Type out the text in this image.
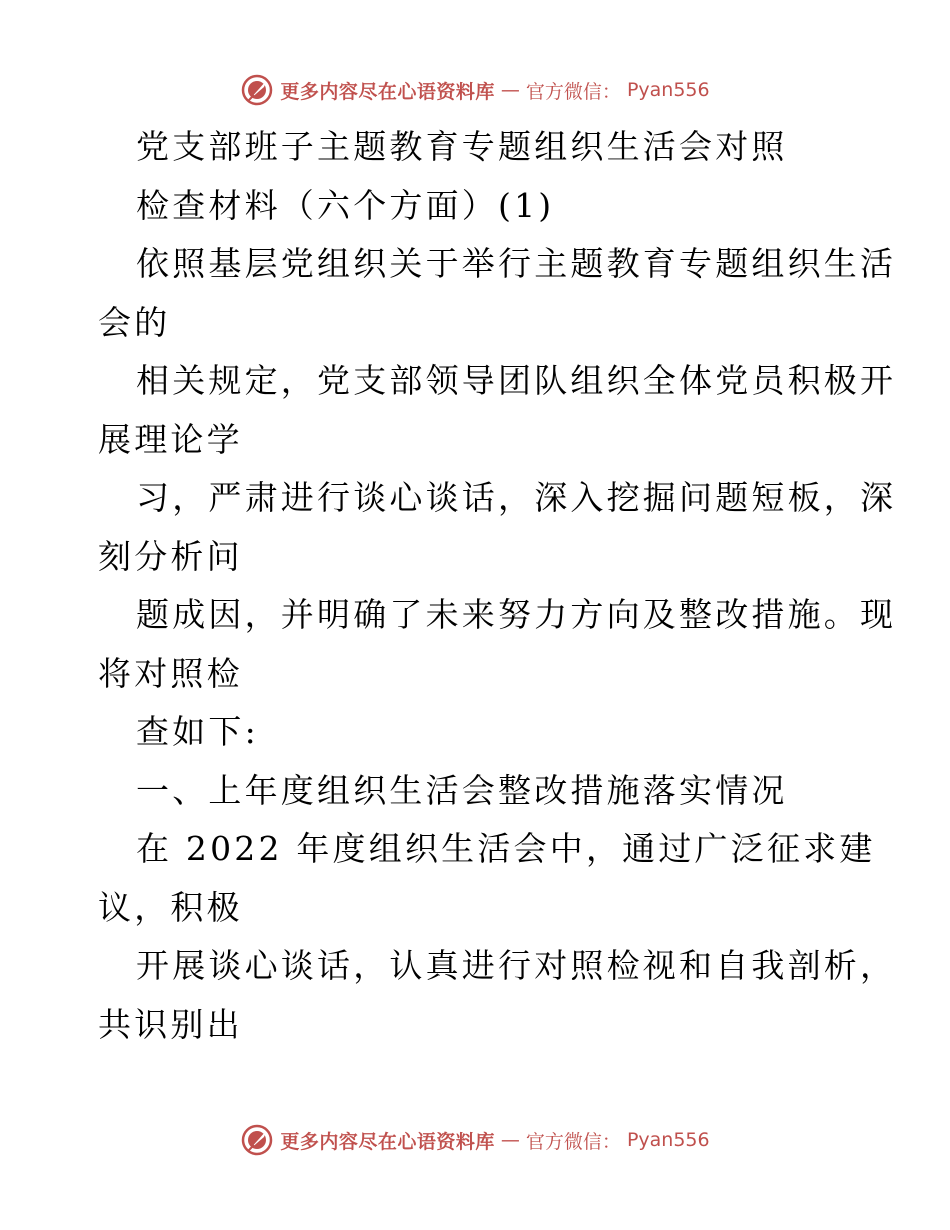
更多内容尽在心语资料库 — 官方微信： Pyan556
党支部班子主题教育专题组织生活会对照
检查材料（六个方面）(1)
依照基层党组织关于举行主题教育专题组织生活
会的
相关规定，党支部领导团队组织全体党员积极开
展理论学
习，严肃进行谈心谈话，深入挖掘问题短板，深
刻分析问
题成因，并明确了未来努力方向及整改措施。现
将对照检
查如下:
一、上年度组织生活会整改措施落实情况
在 2022 年度组织生活会中，通过广泛征求建
议，积极
开展谈心谈话，认真进行对照检视和自我剖析，
共识别出
更多内容尽在心语资料库 — 官方微信： Pyan556
